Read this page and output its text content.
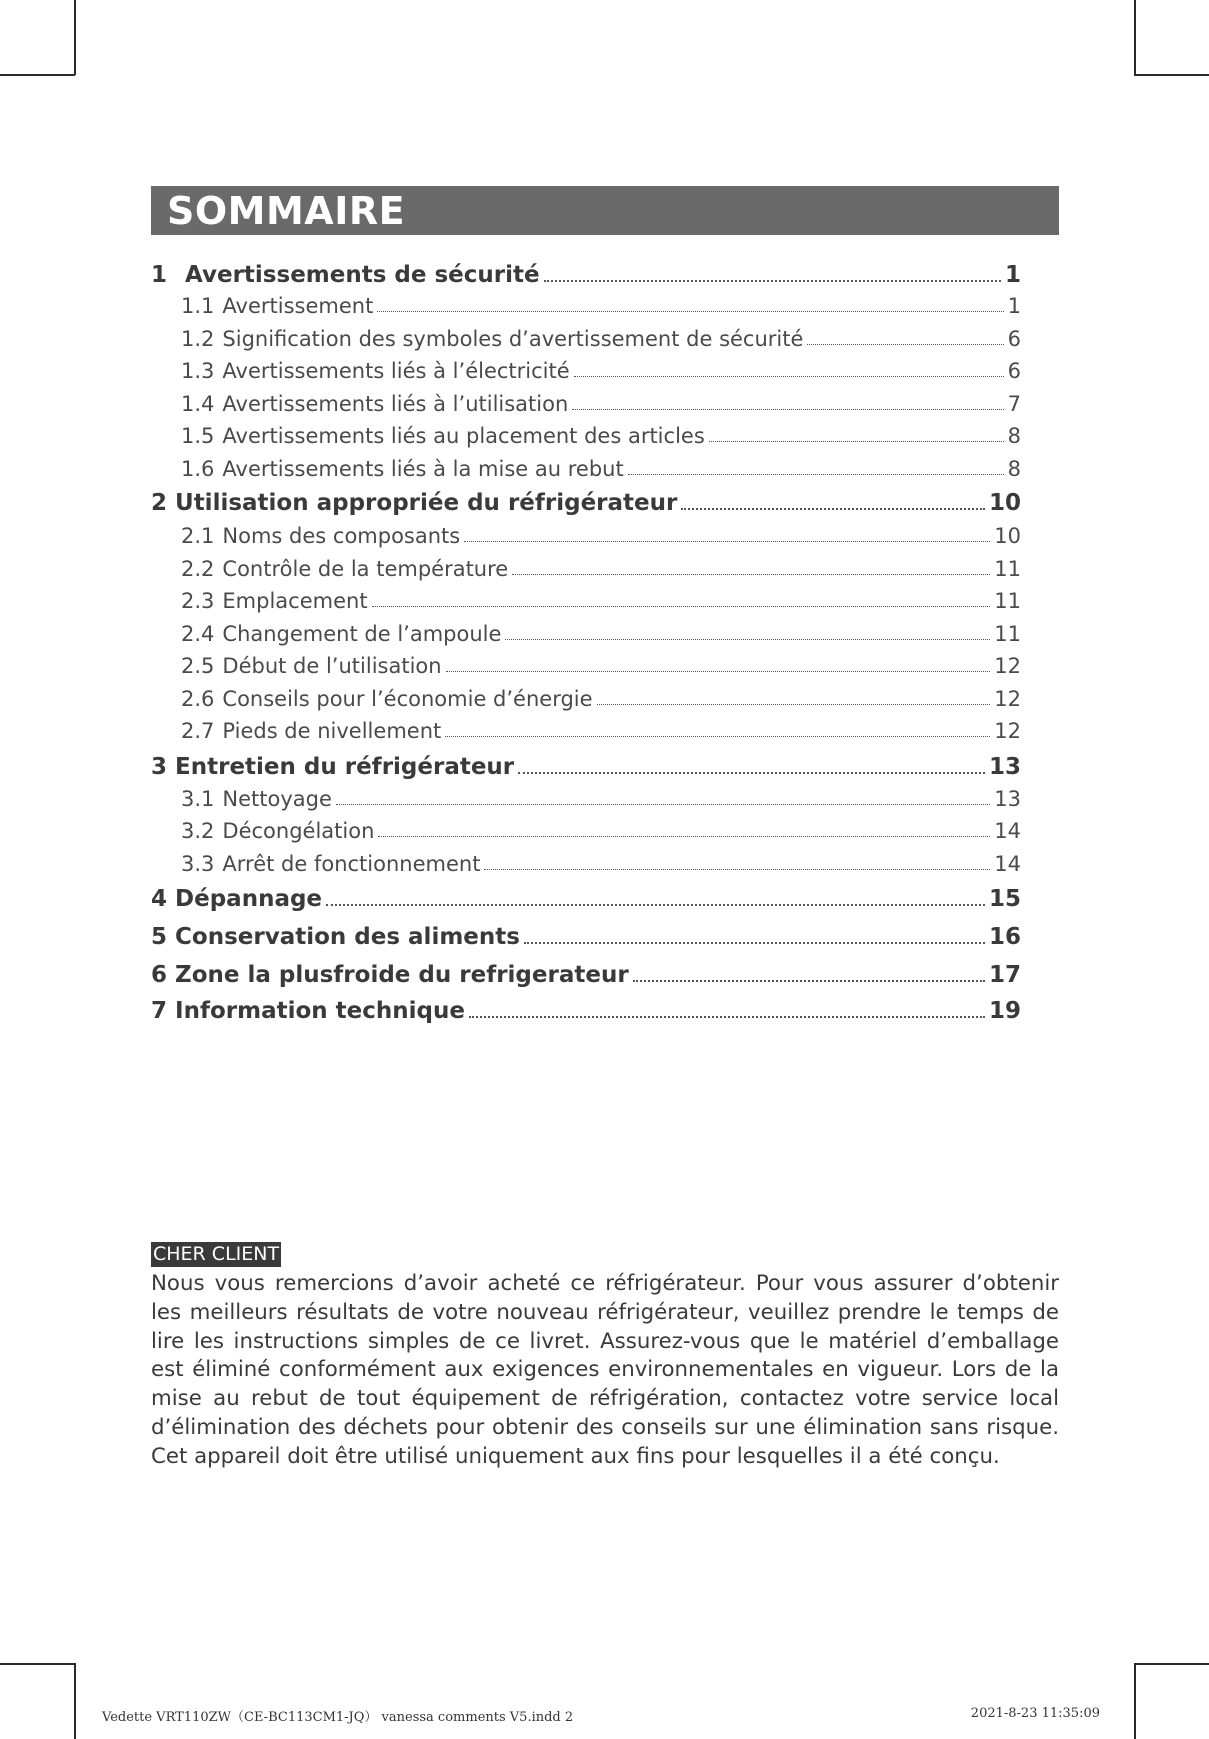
SOMMAIRE
1 Avertissements de sécurité	1
1.1 Avertissement	1
1.2 Signification des symboles d’avertissement de sécurité	6
1.3 Avertissements liés à l’électricité	6
1.4 Avertissements liés à l’utilisation	7
1.5 Avertissements liés au placement des articles	8
1.6 Avertissements liés à la mise au rebut	8
2 Utilisation appropriée du réfrigérateur	10
2.1 Noms des composants	10
2.2 Contrôle de la température	11
2.3 Emplacement	11
2.4 Changement de l’ampoule	11
2.5 Début de l’utilisation	12
2.6 Conseils pour l’économie d’énergie	12
2.7 Pieds de nivellement	12
3 Entretien du réfrigérateur	13
3.1 Nettoyage	13
3.2 Décongélation	14
3.3 Arrêt de fonctionnement	14
4 Dépannage	15
5 Conservation des aliments	16
6 Zone la plusfroide du refrigerateur	17
7 Information technique	19
CHER CLIENT

Nous vous remercions d’avoir acheté ce réfrigérateur. Pour vous assurer d’obtenir les meilleurs résultats de votre nouveau réfrigérateur, veuillez prendre le temps de lire les instructions simples de ce livret. Assurez-vous que le matériel d’emballage est éliminé conformément aux exigences environnementales en vigueur. Lors de la mise au rebut de tout équipement de réfrigération, contactez votre service local d’élimination des déchets pour obtenir des conseils sur une élimination sans risque. Cet appareil doit être utilisé uniquement aux fins pour lesquelles il a été conçu.

Vedette VRT110ZW（CE-BC113CM1-JQ） vanessa comments V5.indd 2	2021-8-23 11:35:09
